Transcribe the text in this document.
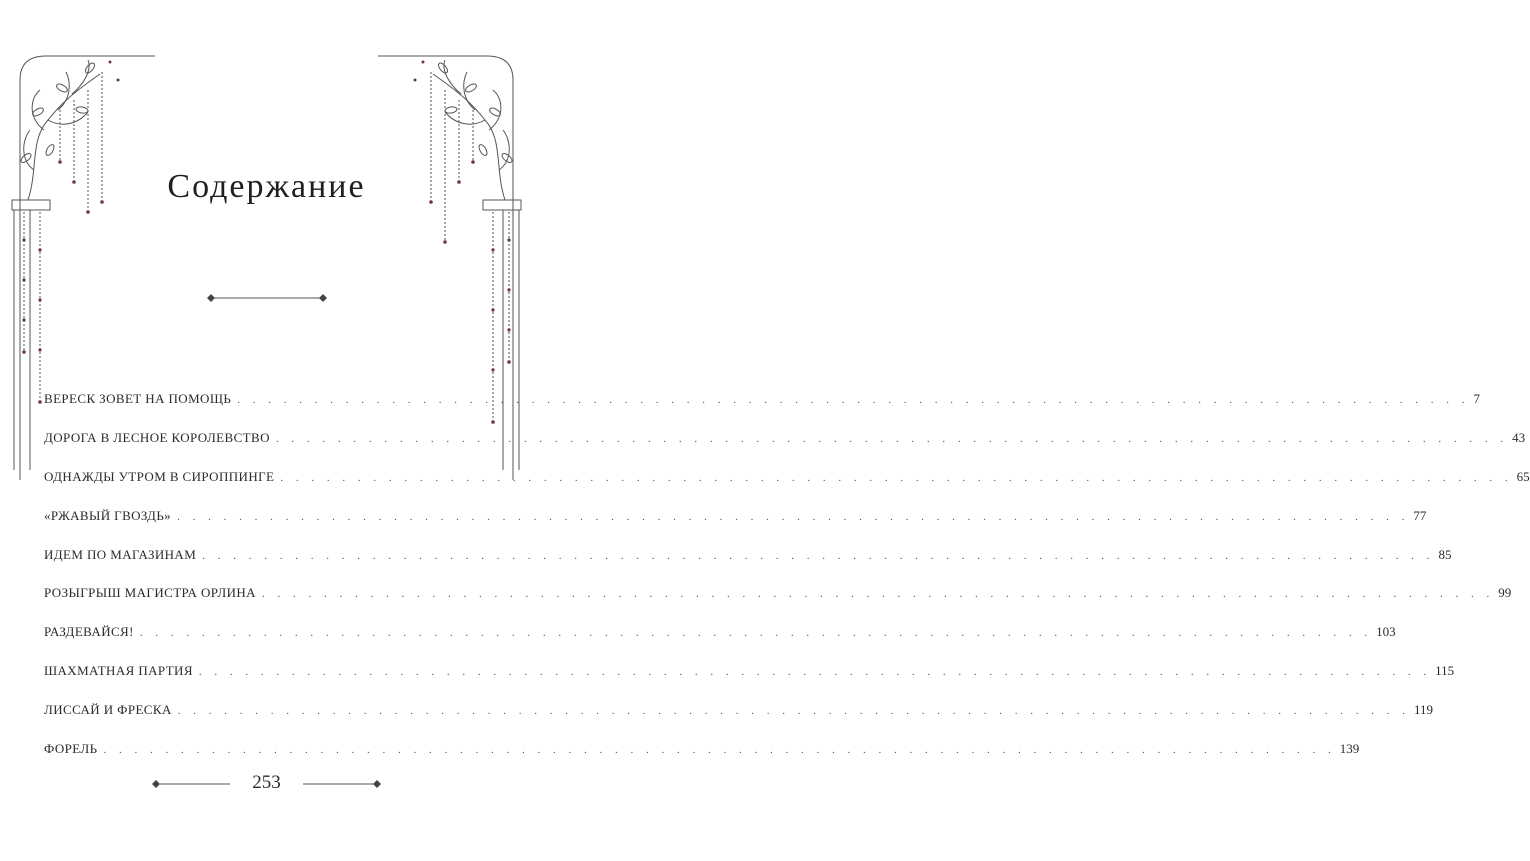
Содержание
ВЕРЕСК ЗОВЕТ НА ПОМОЩЬ . . . . . . . . . . . . . . . . . . . . . . . . . . . . . . . . . . . . . . . . . . . . . . . . . . . . . . . . . . . . . . . . . . . . . . . . . . . . . . . . 7
ДОРОГА В ЛЕСНОЕ КОРОЛЕВСТВО . . . . . . . . . . . . . . . . . . . . . . . . . . . . . . . . . . . . . . . . . . . . . . . . . . . . . . . . . . . . . . . . . . . . . . . . . . . . . . . . 43
ОДНАЖДЫ УТРОМ В СИРОППИНГЕ . . . . . . . . . . . . . . . . . . . . . . . . . . . . . . . . . . . . . . . . . . . . . . . . . . . . . . . . . . . . . . . . . . . . . . . . . . . . . . . . 65
«РЖАВЫЙ ГВОЗДЬ» . . . . . . . . . . . . . . . . . . . . . . . . . . . . . . . . . . . . . . . . . . . . . . . . . . . . . . . . . . . . . . . . . . . . . . . . . . . . . . . . 77
ИДЕМ ПО МАГАЗИНАМ . . . . . . . . . . . . . . . . . . . . . . . . . . . . . . . . . . . . . . . . . . . . . . . . . . . . . . . . . . . . . . . . . . . . . . . . . . . . . . . . 85
РОЗЫГРЫШ МАГИСТРА ОРЛИНА . . . . . . . . . . . . . . . . . . . . . . . . . . . . . . . . . . . . . . . . . . . . . . . . . . . . . . . . . . . . . . . . . . . . . . . . . . . . . . . . 99
РАЗДЕВАЙСЯ! . . . . . . . . . . . . . . . . . . . . . . . . . . . . . . . . . . . . . . . . . . . . . . . . . . . . . . . . . . . . . . . . . . . . . . . . . . . . . . . . 103
ШАХМАТНАЯ ПАРТИЯ . . . . . . . . . . . . . . . . . . . . . . . . . . . . . . . . . . . . . . . . . . . . . . . . . . . . . . . . . . . . . . . . . . . . . . . . . . . . . . . . 115
ЛИССАЙ И ФРЕСКА . . . . . . . . . . . . . . . . . . . . . . . . . . . . . . . . . . . . . . . . . . . . . . . . . . . . . . . . . . . . . . . . . . . . . . . . . . . . . . . . 119
ФОРЕЛЬ . . . . . . . . . . . . . . . . . . . . . . . . . . . . . . . . . . . . . . . . . . . . . . . . . . . . . . . . . . . . . . . . . . . . . . . . . . . . . . . . 139
253
